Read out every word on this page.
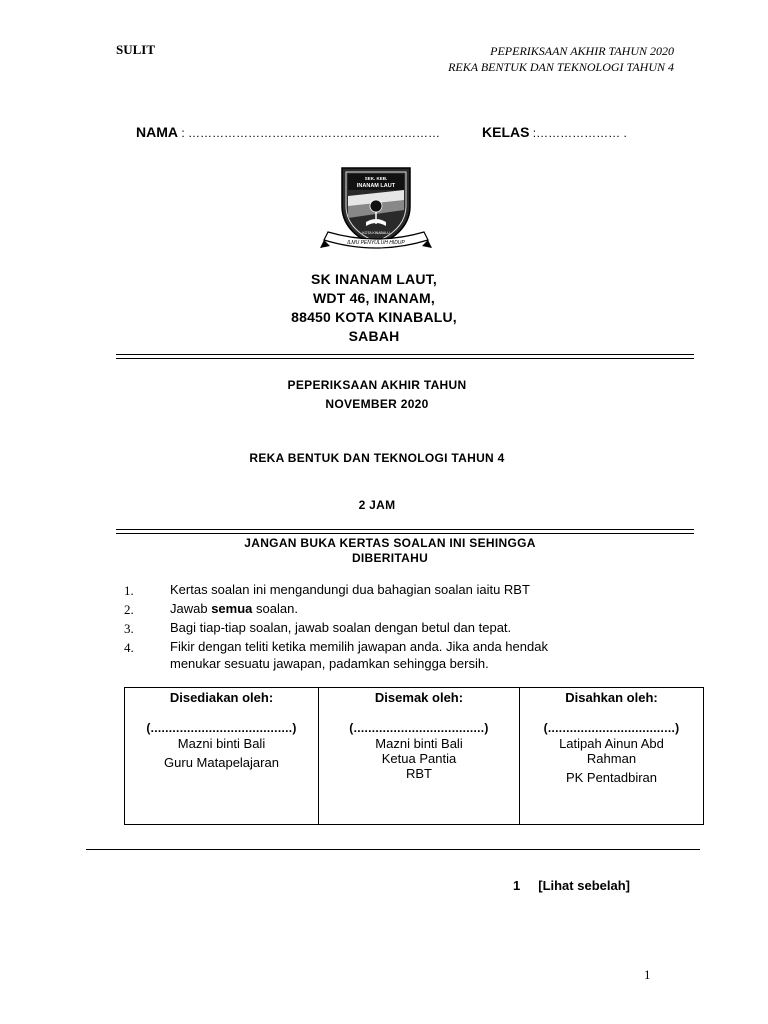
SULIT	PEPERIKSAAN AKHIR TAHUN 2020
REKA BENTUK DAN TEKNOLOGI TAHUN 4
NAMA : ………………………………………………………	KELAS :………………… .
SEK. KEB.
INANAM LAUT
KOTA KINABALU
ILMU PENYULUH HIDUP
SK INANAM LAUT,
WDT 46, INANAM,
88450 KOTA KINABALU,
SABAH
PEPERIKSAAN AKHIR TAHUN
NOVEMBER 2020
REKA BENTUK DAN TEKNOLOGI TAHUN 4
2 JAM
JANGAN BUKA KERTAS SOALAN INI SEHINGGA
DIBERITAHU
1.	Kertas soalan ini mengandungi dua bahagian soalan iaitu RBT
2.	Jawab semua soalan.
3.	Bagi tiap-tiap soalan, jawab soalan dengan betul dan tepat.
4.	Fikir dengan teliti ketika memilih jawapan anda. Jika anda hendak menukar sesuatu jawapan, padamkan sehingga bersih.
Disediakan oleh:
(.......................................)
Mazni binti Bali
Guru Matapelajaran

Disemak oleh:
(....................................)
Mazni binti Bali
Ketua Pantia RBT

Disahkan oleh:
(...................................)
Latipah Ainun Abd Rahman
PK Pentadbiran
1 [Lihat sebelah]
1
